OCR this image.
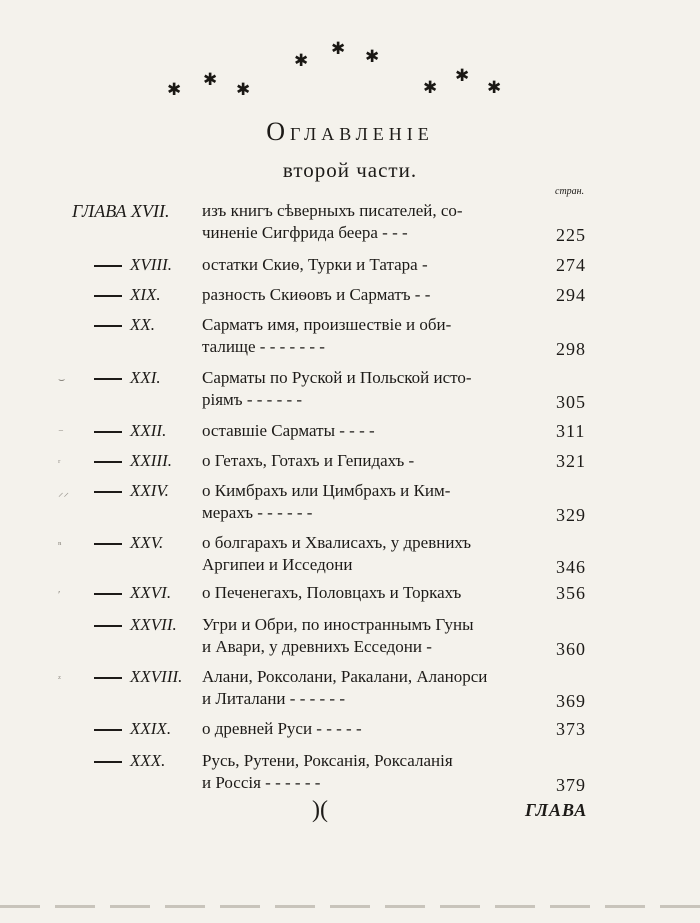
✱
✱ ✱
✱
✱
✱	✱
✱
✱
Оглавленіе
второй части.
стран.
ГЛАВА XVII. изъ книгъ сѣверныхъ писателей, со-
чиненіе Сигфрида беера - - -	225
XVIII. остатки Скиѳ, Турки и Татара -	274
XIX. разность Скиѳовъ и Сарматъ - -	294
XX.	Сарматъ имя, произшествіе и оби-
талище - - - - - - -	298
XXI. Сарматы по Руской и Польской исто-
ріямъ - - - - - -	305
⌣
XXII. оставшіе Сарматы - - - -	311
⁻
XXIII. о Гетахъ, Готахъ и Гепидахъ -	321
ʳ
XXIV. о Кимбрахъ или Цимбрахъ и Ким-
мерахъ - - - - - -	329
⸝⸝
XXV. о болгарахъ и Хвалисахъ, у древнихъ
Аргипеи и Исседони	346
ⁿ
XXVI. о Печенегахъ, Половцахъ и Торкахъ	356
ʹ
XXVII. Угри и Обри, по иностраннымъ Гуны
и Авари, у древнихъ Есседони -	360
XXVIII. Алани, Роксолани, Ракалани, Аланорси
и Литалани - - - - - -	369
ᶻ
XXIX. о древней Руси - - - - -	373
XXX. Русь, Рутени, Роксанія, Роксаланія
и Россія - - - - - -	379
)(	ГЛАВА
